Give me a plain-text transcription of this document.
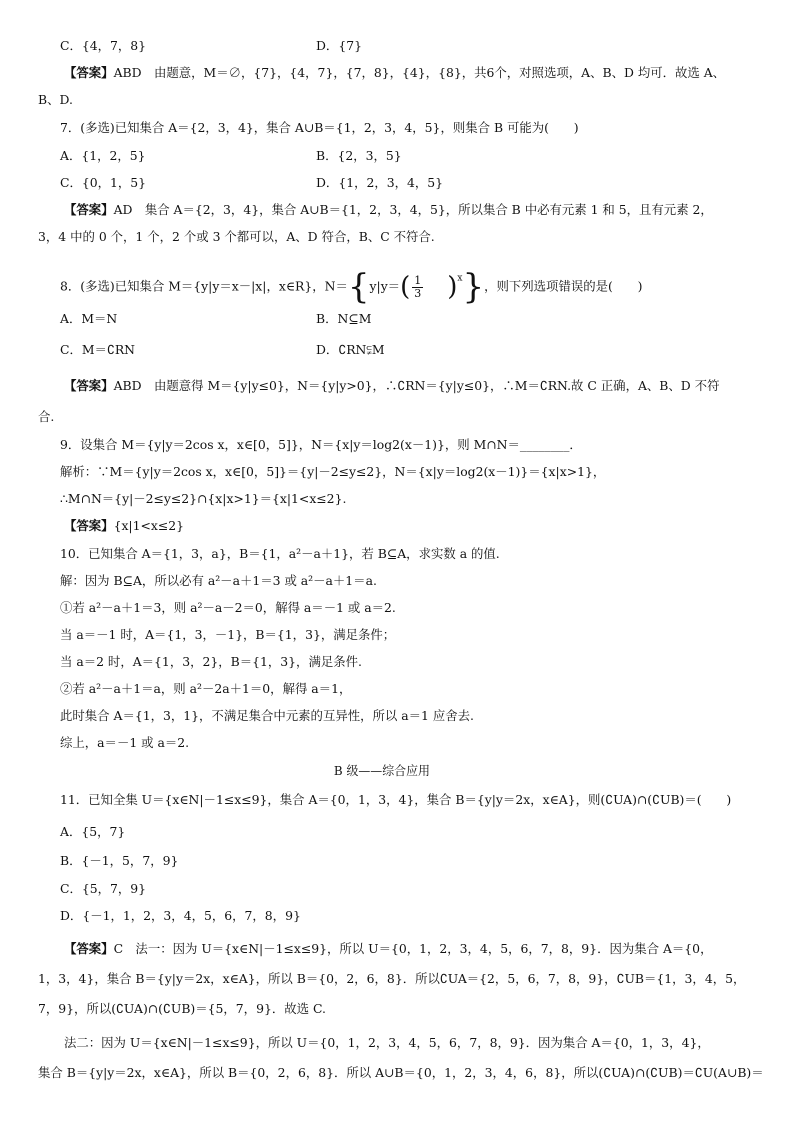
C．{4，7，8}	D．{7}
【答案】ABD　由题意，M＝∅，{7}，{4，7}，{7，8}，{4}，{8}，共6个，对照选项，A、B、D 均可．故选 A、
B、D.
7．(多选)已知集合 A＝{2，3，4}，集合 A∪B＝{1，2，3，4，5}，则集合 B 可能为(　　)
A．{1，2，5}	B．{2，3，5}
C．{0，1，5}	D．{1，2，3，4，5}
【答案】AD　集合 A＝{2，3，4}，集合 A∪B＝{1，2，3，4，5}，所以集合 B 中必有元素 1 和 5，且有元素 2，
3，4 中的 0 个，1 个，2 个或 3 个都可以，A、D 符合，B、C 不符合.
8．(多选)已知集合 M＝{y|y＝x－|x|，x∈R}，$N=\{y|y=( \frac{1}{3} )^x\}$，则下列选项错误的是(　　)
A．M＝N	B．N⊆M
C．M＝∁RN	D．∁RN⫋M
【答案】ABD　由题意得 M＝{y|y≤0}，N＝{y|y>0}，∴∁RN＝{y|y≤0}，∴M＝∁RN.故 C 正确，A、B、D 不符
合.
9．设集合 M＝{y|y＝2cos x，x∈[0，5]}，N＝{x|y＝log2(x－1)}，则 M∩N＝________．
解析：∵M＝{y|y＝2cos x，x∈[0，5]}＝{y|－2≤y≤2}，N＝{x|y＝log2(x－1)}＝{x|x>1}，
∴M∩N＝{y|－2≤y≤2}∩{x|x>1}＝{x|1<x≤2}.
【答案】{x|1<x≤2}
10．已知集合 A＝{1，3，a}，B＝{1，a²－a＋1}，若 B⊆A，求实数 a 的值.
解：因为 B⊆A，所以必有 a²－a＋1＝3 或 a²－a＋1＝a.
①若 a²－a＋1＝3，则 a²－a－2＝0，解得 a＝－1 或 a＝2.
当 a＝－1 时，A＝{1，3，－1}，B＝{1，3}，满足条件；
当 a＝2 时，A＝{1，3，2}，B＝{1，3}，满足条件.
②若 a²－a＋1＝a，则 a²－2a＋1＝0，解得 a＝1，
此时集合 A＝{1，3，1}，不满足集合中元素的互异性，所以 a＝1 应舍去.
综上，a＝－1 或 a＝2.
B 级——综合应用
11．已知全集 U＝{x∈N|－1≤x≤9}，集合 A＝{0，1，3，4}，集合 B＝{y|y＝2x，x∈A}，则(∁UA)∩(∁UB)＝(　　)
A．{5，7}
B．{－1，5，7，9}
C．{5，7，9}
D．{－1，1，2，3，4，5，6，7，8，9}
【答案】C　法一：因为 U＝{x∈N|－1≤x≤9}，所以 U＝{0，1，2，3，4，5，6，7，8，9}．因为集合 A＝{0，
1，3，4}，集合 B＝{y|y＝2x，x∈A}，所以 B＝{0，2，6，8}．所以∁UA＝{2，5，6，7，8，9}，∁UB＝{1，3，4，5，
7，9}，所以(∁UA)∩(∁UB)＝{5，7，9}．故选 C.
法二：因为 U＝{x∈N|－1≤x≤9}，所以 U＝{0，1，2，3，4，5，6，7，8，9}．因为集合 A＝{0，1，3，4}，
集合 B＝{y|y＝2x，x∈A}，所以 B＝{0，2，6，8}．所以 A∪B＝{0，1，2，3，4，6，8}，所以(∁UA)∩(∁UB)＝∁U(A∪B)＝
